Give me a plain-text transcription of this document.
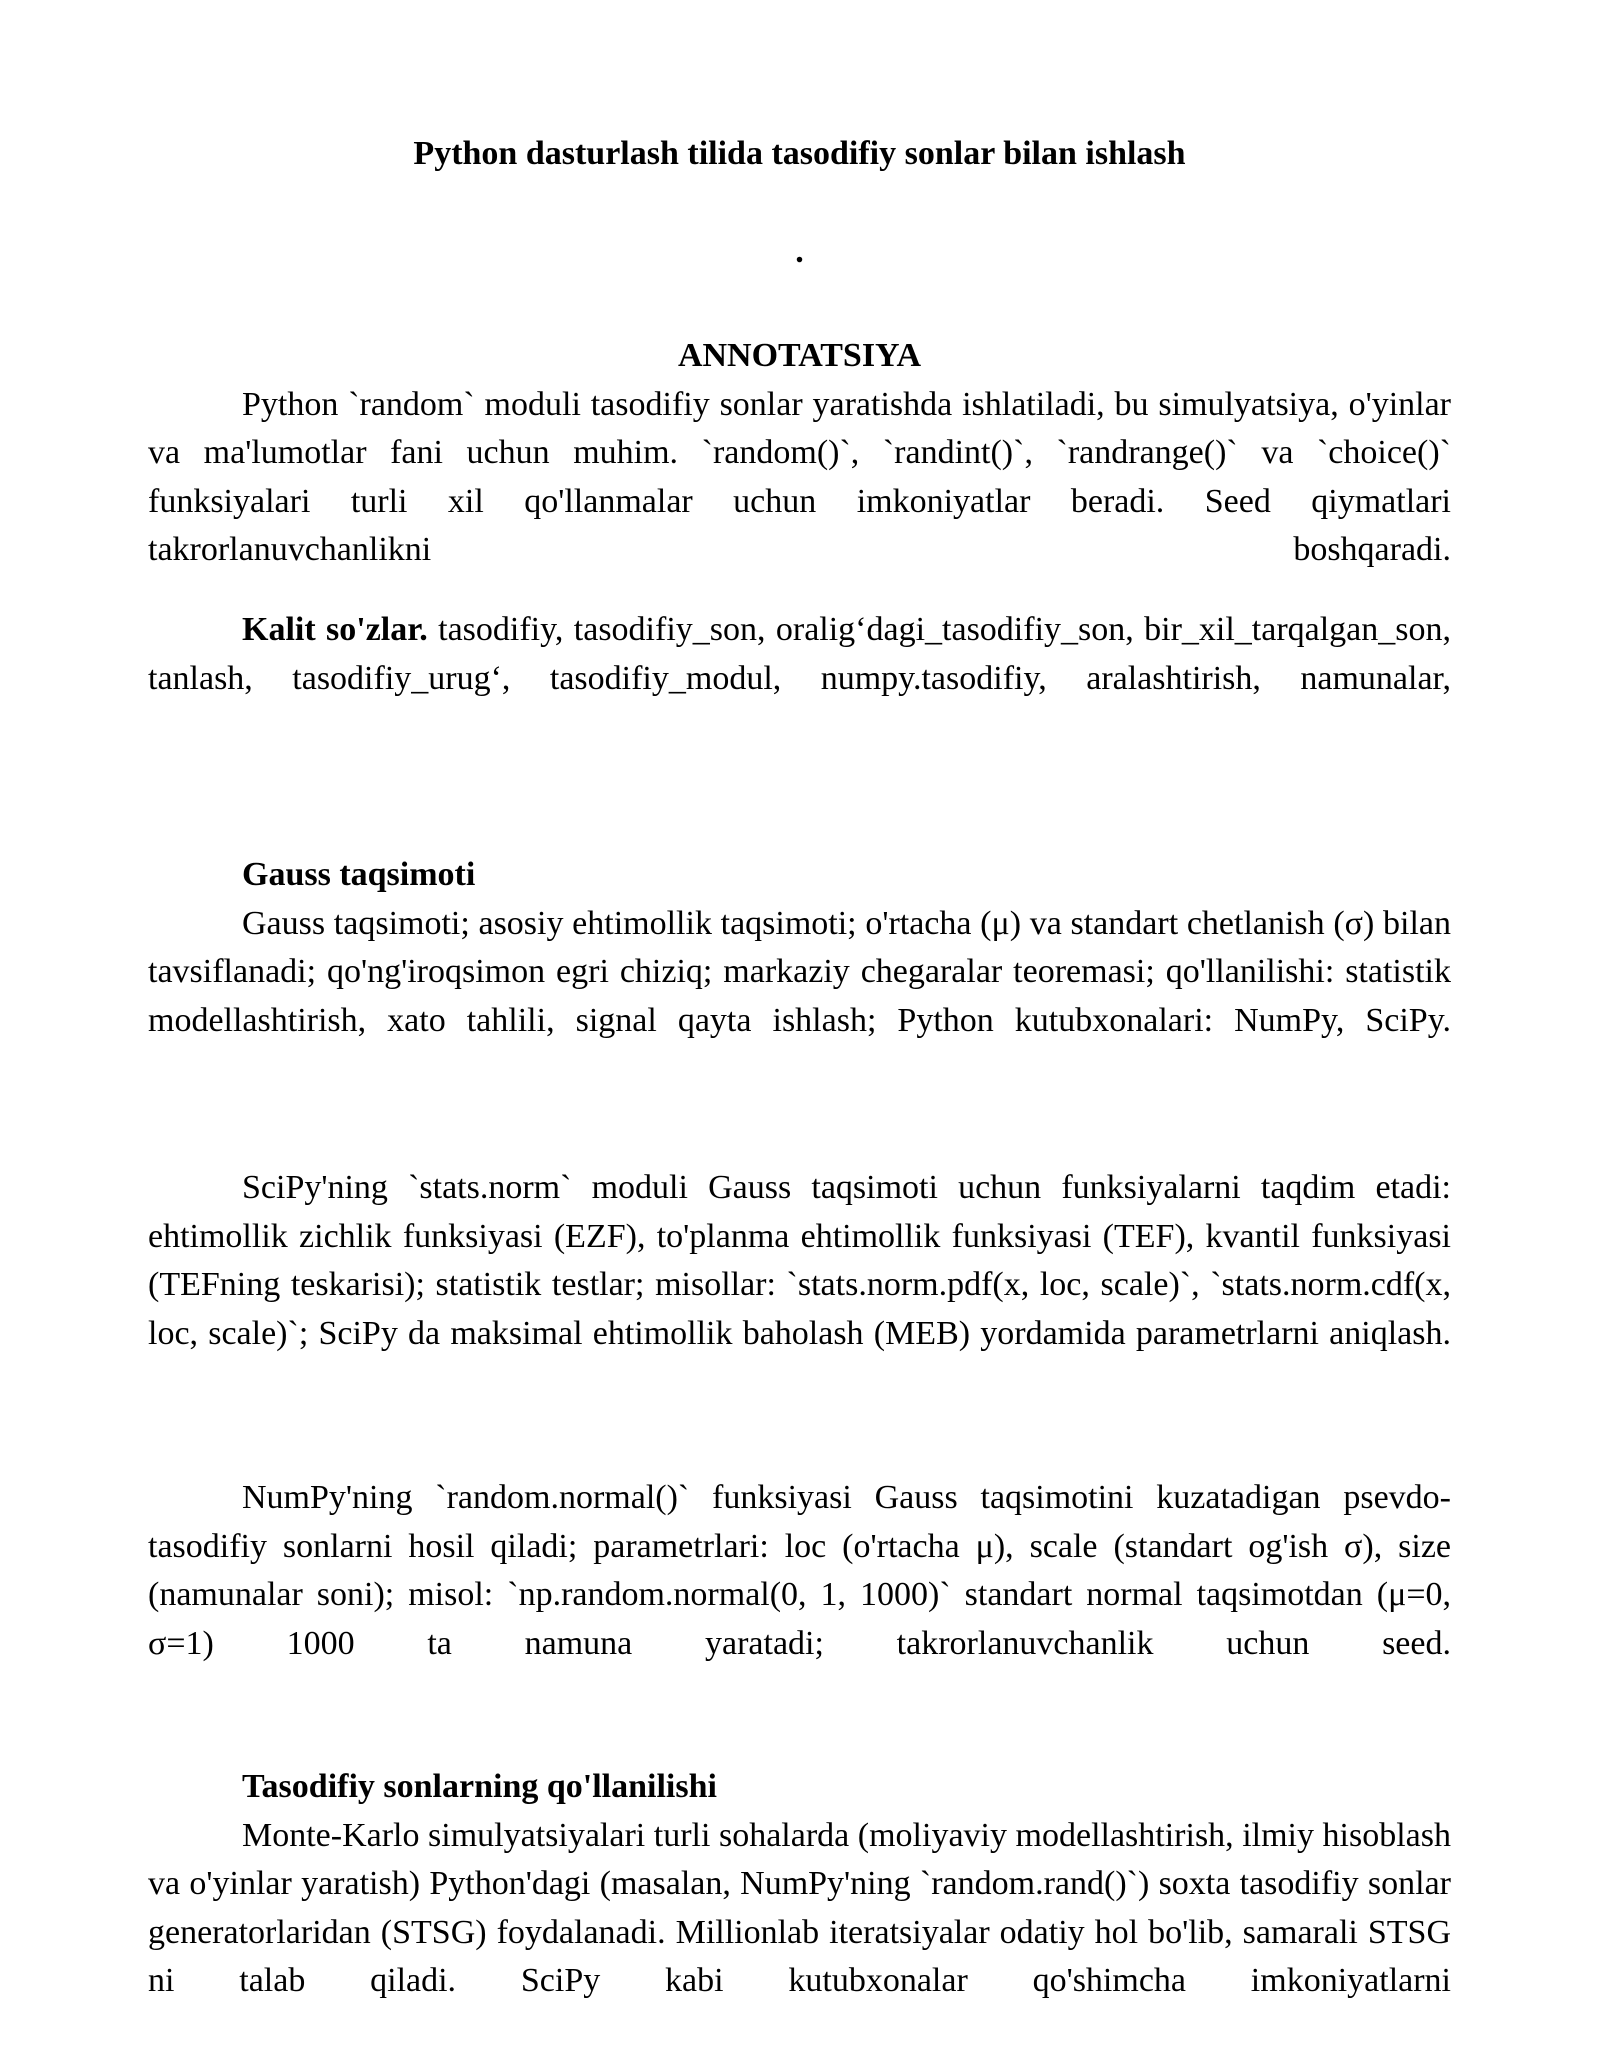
Python dasturlash tilida tasodifiy sonlar bilan ishlash
.
ANNOTATSIYA

Python `random` moduli tasodifiy sonlar yaratishda ishlatiladi, bu simulyatsiya, o'yinlar va ma'lumotlar fani uchun muhim. `random()`, `randint()`, `randrange()` va `choice()` funksiyalari turli xil qo'llanmalar uchun imkoniyatlar beradi. Seed qiymatlari takrorlanuvchanlikni boshqaradi.

Kalit so'zlar. tasodifiy, tasodifiy_son, oralig‘dagi_tasodifiy_son, bir_xil_tarqalgan_son, tanlash, tasodifiy_urug‘, tasodifiy_modul, numpy.tasodifiy, aralashtirish, namunalar,

Gauss taqsimoti

Gauss taqsimoti; asosiy ehtimollik taqsimoti; o'rtacha (μ) va standart chetlanish (σ) bilan tavsiflanadi; qo'ng'iroqsimon egri chiziq; markaziy chegaralar teoremasi; qo'llanilishi: statistik modellashtirish, xato tahlili, signal qayta ishlash; Python kutubxonalari: NumPy, SciPy.

SciPy'ning `stats.norm` moduli Gauss taqsimoti uchun funksiyalarni taqdim etadi: ehtimollik zichlik funksiyasi (EZF), to'planma ehtimollik funksiyasi (TEF), kvantil funksiyasi (TEFning teskarisi); statistik testlar; misollar: `stats.norm.pdf(x, loc, scale)`, `stats.norm.cdf(x, loc, scale)`; SciPy da maksimal ehtimollik baholash (MEB) yordamida parametrlarni aniqlash.

NumPy'ning `random.normal()` funksiyasi Gauss taqsimotini kuzatadigan psevdo-tasodifiy sonlarni hosil qiladi; parametrlari: loc (o'rtacha μ), scale (standart og'ish σ), size (namunalar soni); misol: `np.random.normal(0, 1, 1000)` standart normal taqsimotdan (μ=0, σ=1) 1000 ta namuna yaratadi; takrorlanuvchanlik uchun seed.

Tasodifiy sonlarning qo'llanilishi

Monte-Karlo simulyatsiyalari turli sohalarda (moliyaviy modellashtirish, ilmiy hisoblash va o'yinlar yaratish) Python'dagi (masalan, NumPy'ning `random.rand()`) soxta tasodifiy sonlar generatorlaridan (STSG) foydalanadi. Millionlab iteratsiyalar odatiy hol bo'lib, samarali STSG ni talab qiladi. SciPy kabi kutubxonalar qo'shimcha imkoniyatlarni
